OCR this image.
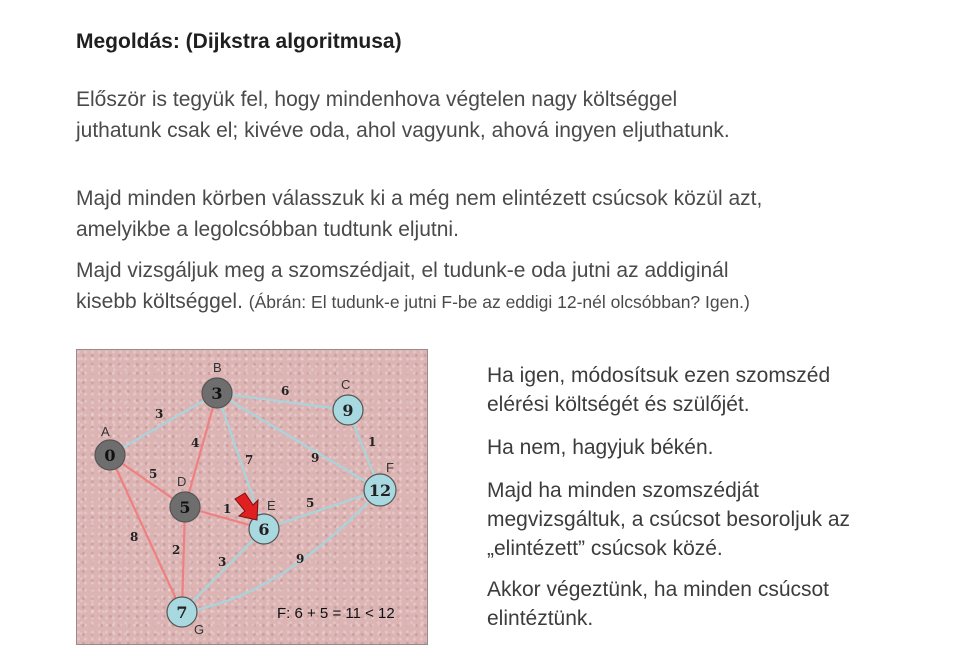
Megoldás: (Dijkstra algoritmusa)
Először is tegyük fel, hogy mindenhova végtelen nagy költséggel
juthatunk csak el; kivéve oda, ahol vagyunk, ahová ingyen eljuthatunk.
Majd minden körben válasszuk ki a még nem elintézett csúcsok közül azt,
amelyikbe a legolcsóbban tudtunk eljutni.
Majd vizsgáljuk meg a szomszédjait, el tudunk-e oda jutni az addiginál
kisebb költséggel. (Ábrán: El tudunk-e jutni F-be az eddigi 12-nél olcsóbban? Igen.)
3
5
8
4
6
7	9
1
1
2
5
3	9
A
B
C
D
E
F
G
0
3
9
5
6
12
7	F: 6 + 5 = 11 < 12
Ha igen, módosítsuk ezen szomszéd
elérési költségét és szülőjét.
Ha nem, hagyjuk békén.
Majd ha minden szomszédját
megvizsgáltuk, a csúcsot besoroljuk az
„elintézett” csúcsok közé.
Akkor végeztünk, ha minden csúcsot
elintéztünk.
